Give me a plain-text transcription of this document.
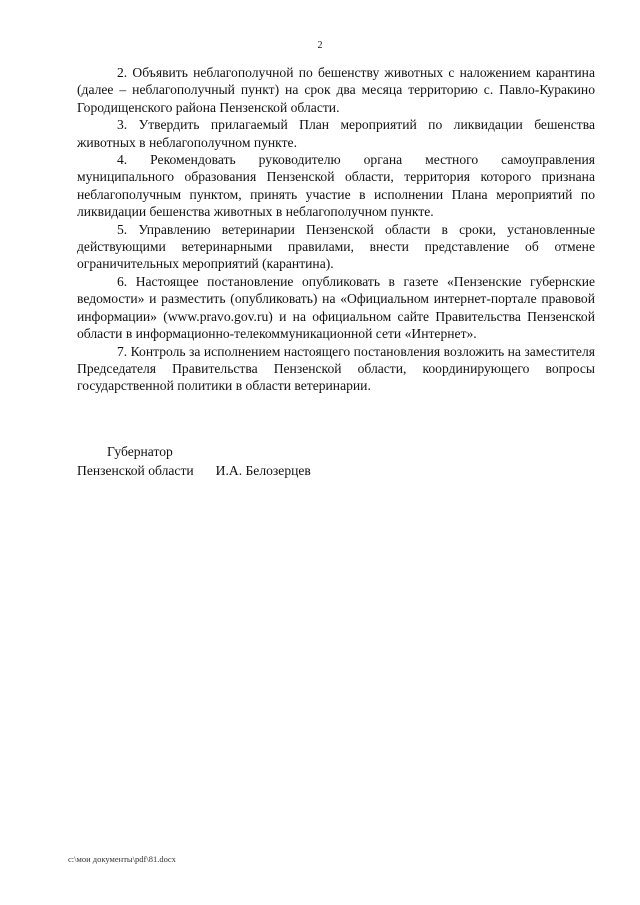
2

2. Объявить неблагополучной по бешенству животных с наложением карантина (далее – неблагополучный пункт) на срок два месяца территорию с. Павло-Куракино Городищенского района Пензенской области.

3. Утвердить прилагаемый План мероприятий по ликвидации бешенства животных в неблагополучном пункте.

4. Рекомендовать руководителю органа местного самоуправления муниципального образования Пензенской области, территория которого признана неблагополучным пунктом, принять участие в исполнении Плана мероприятий по ликвидации бешенства животных в неблагополучном пункте.

5. Управлению ветеринарии Пензенской области в сроки, установленные действующими ветеринарными правилами, внести представление об отмене ограничительных мероприятий (карантина).

6. Настоящее постановление опубликовать в газете «Пензенские губернские ведомости» и разместить (опубликовать) на «Официальном интернет-портале правовой информации» (www.pravo.gov.ru) и на официальном сайте Правительства Пензенской области в информационно-телекоммуникационной сети «Интернет».

7. Контроль за исполнением настоящего постановления возложить на заместителя Председателя Правительства Пензенской области, координирующего вопросы государственной политики в области ветеринарии.

Губернатор
Пензенской области И.А. Белозерцев
c:\мои документы\pdf\81.docx
